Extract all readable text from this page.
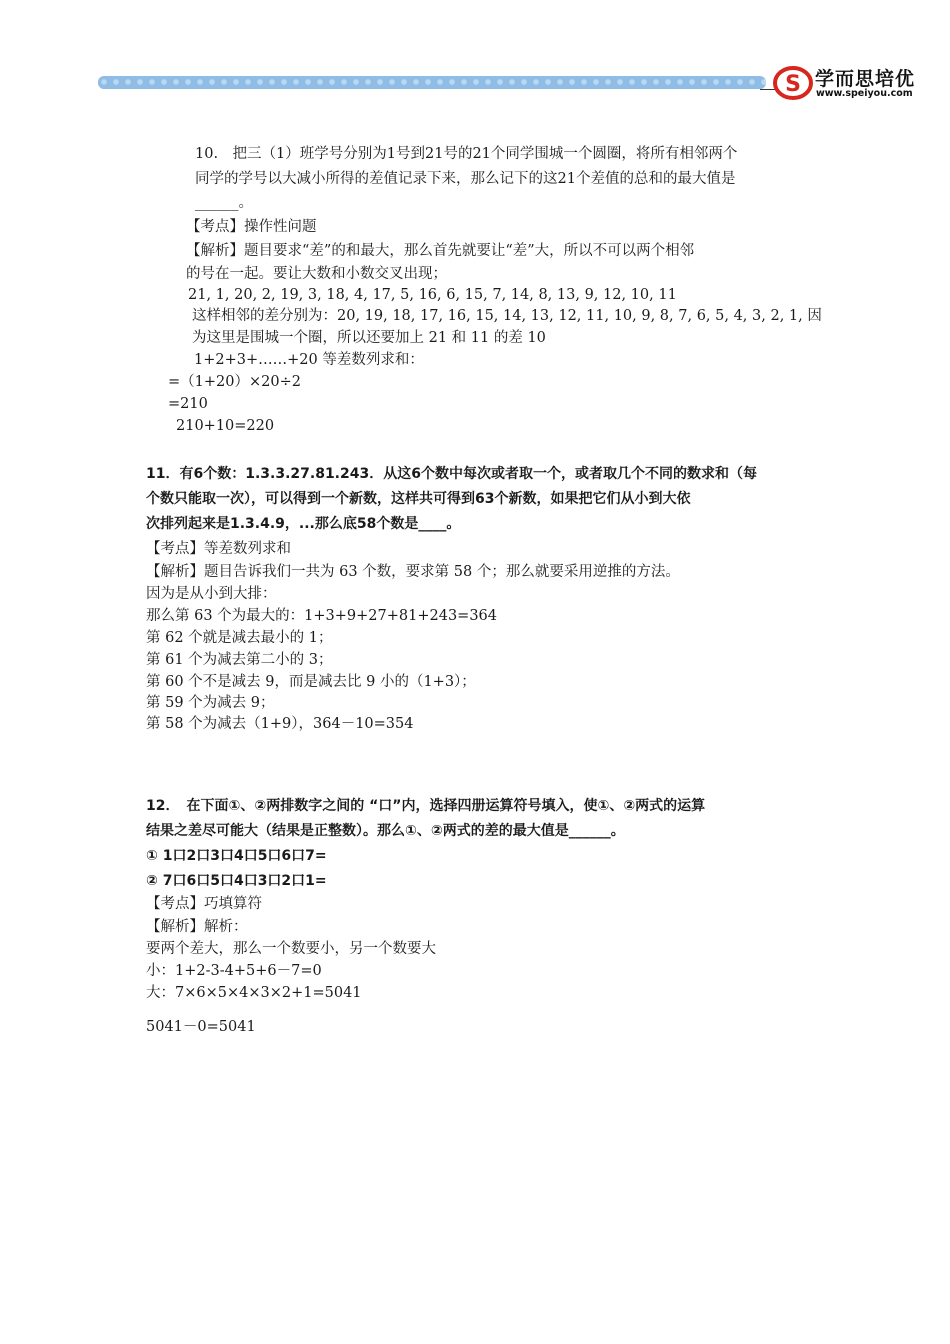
S 学而思培优
www.speiyou.com
10.　把三（1）班学号分别为1号到21号的21个同学围城一个圆圈，将所有相邻两个
同学的学号以大减小所得的差值记录下来，那么记下的这21个差值的总和的最大值是
______。
【考点】操作性问题
【解析】题目要求“差”的和最大，那么首先就要让“差”大，所以不可以两个相邻
的号在一起。要让大数和小数交叉出现；
21, 1, 20, 2, 19, 3, 18, 4, 17, 5, 16, 6, 15, 7, 14, 8, 13, 9, 12, 10, 11
这样相邻的差分别为：20, 19, 18, 17, 16, 15, 14, 13, 12, 11, 10, 9, 8, 7, 6, 5, 4, 3, 2, 1, 因
为这里是围城一个圈，所以还要加上 21 和 11 的差 10
1+2+3+……+20 等差数列求和：
=（1+20）×20÷2
=210
210+10=220
11．有6个数：1.3.3.27.81.243．从这6个数中每次或者取一个，或者取几个不同的数求和（每
个数只能取一次），可以得到一个新数，这样共可得到63个新数，如果把它们从小到大依
次排列起来是1.3.4.9，...那么底58个数是____。
【考点】等差数列求和
【解析】题目告诉我们一共为 63 个数，要求第 58 个；那么就要采用逆推的方法。
因为是从小到大排：
那么第 63 个为最大的：1+3+9+27+81+243=364
第 62 个就是减去最小的 1；
第 61 个为减去第二小的 3；
第 60 个不是减去 9，而是减去比 9 小的（1+3）；
第 59 个为减去 9；
第 58 个为减去（1+9），364－10=354
12．　在下面①、②两排数字之间的 “口”内，选择四册运算符号填入，使①、②两式的运算
结果之差尽可能大（结果是正整数）。那么①、②两式的差的最大值是______。
① 1口2口3口4口5口6口7=
② 7口6口5口4口3口2口1=
【考点】巧填算符
【解析】解析：
要两个差大，那么一个数要小，另一个数要大
小：1+2-3-4+5+6－7=0
大：7×6×5×4×3×2+1=5041
5041－0=5041
